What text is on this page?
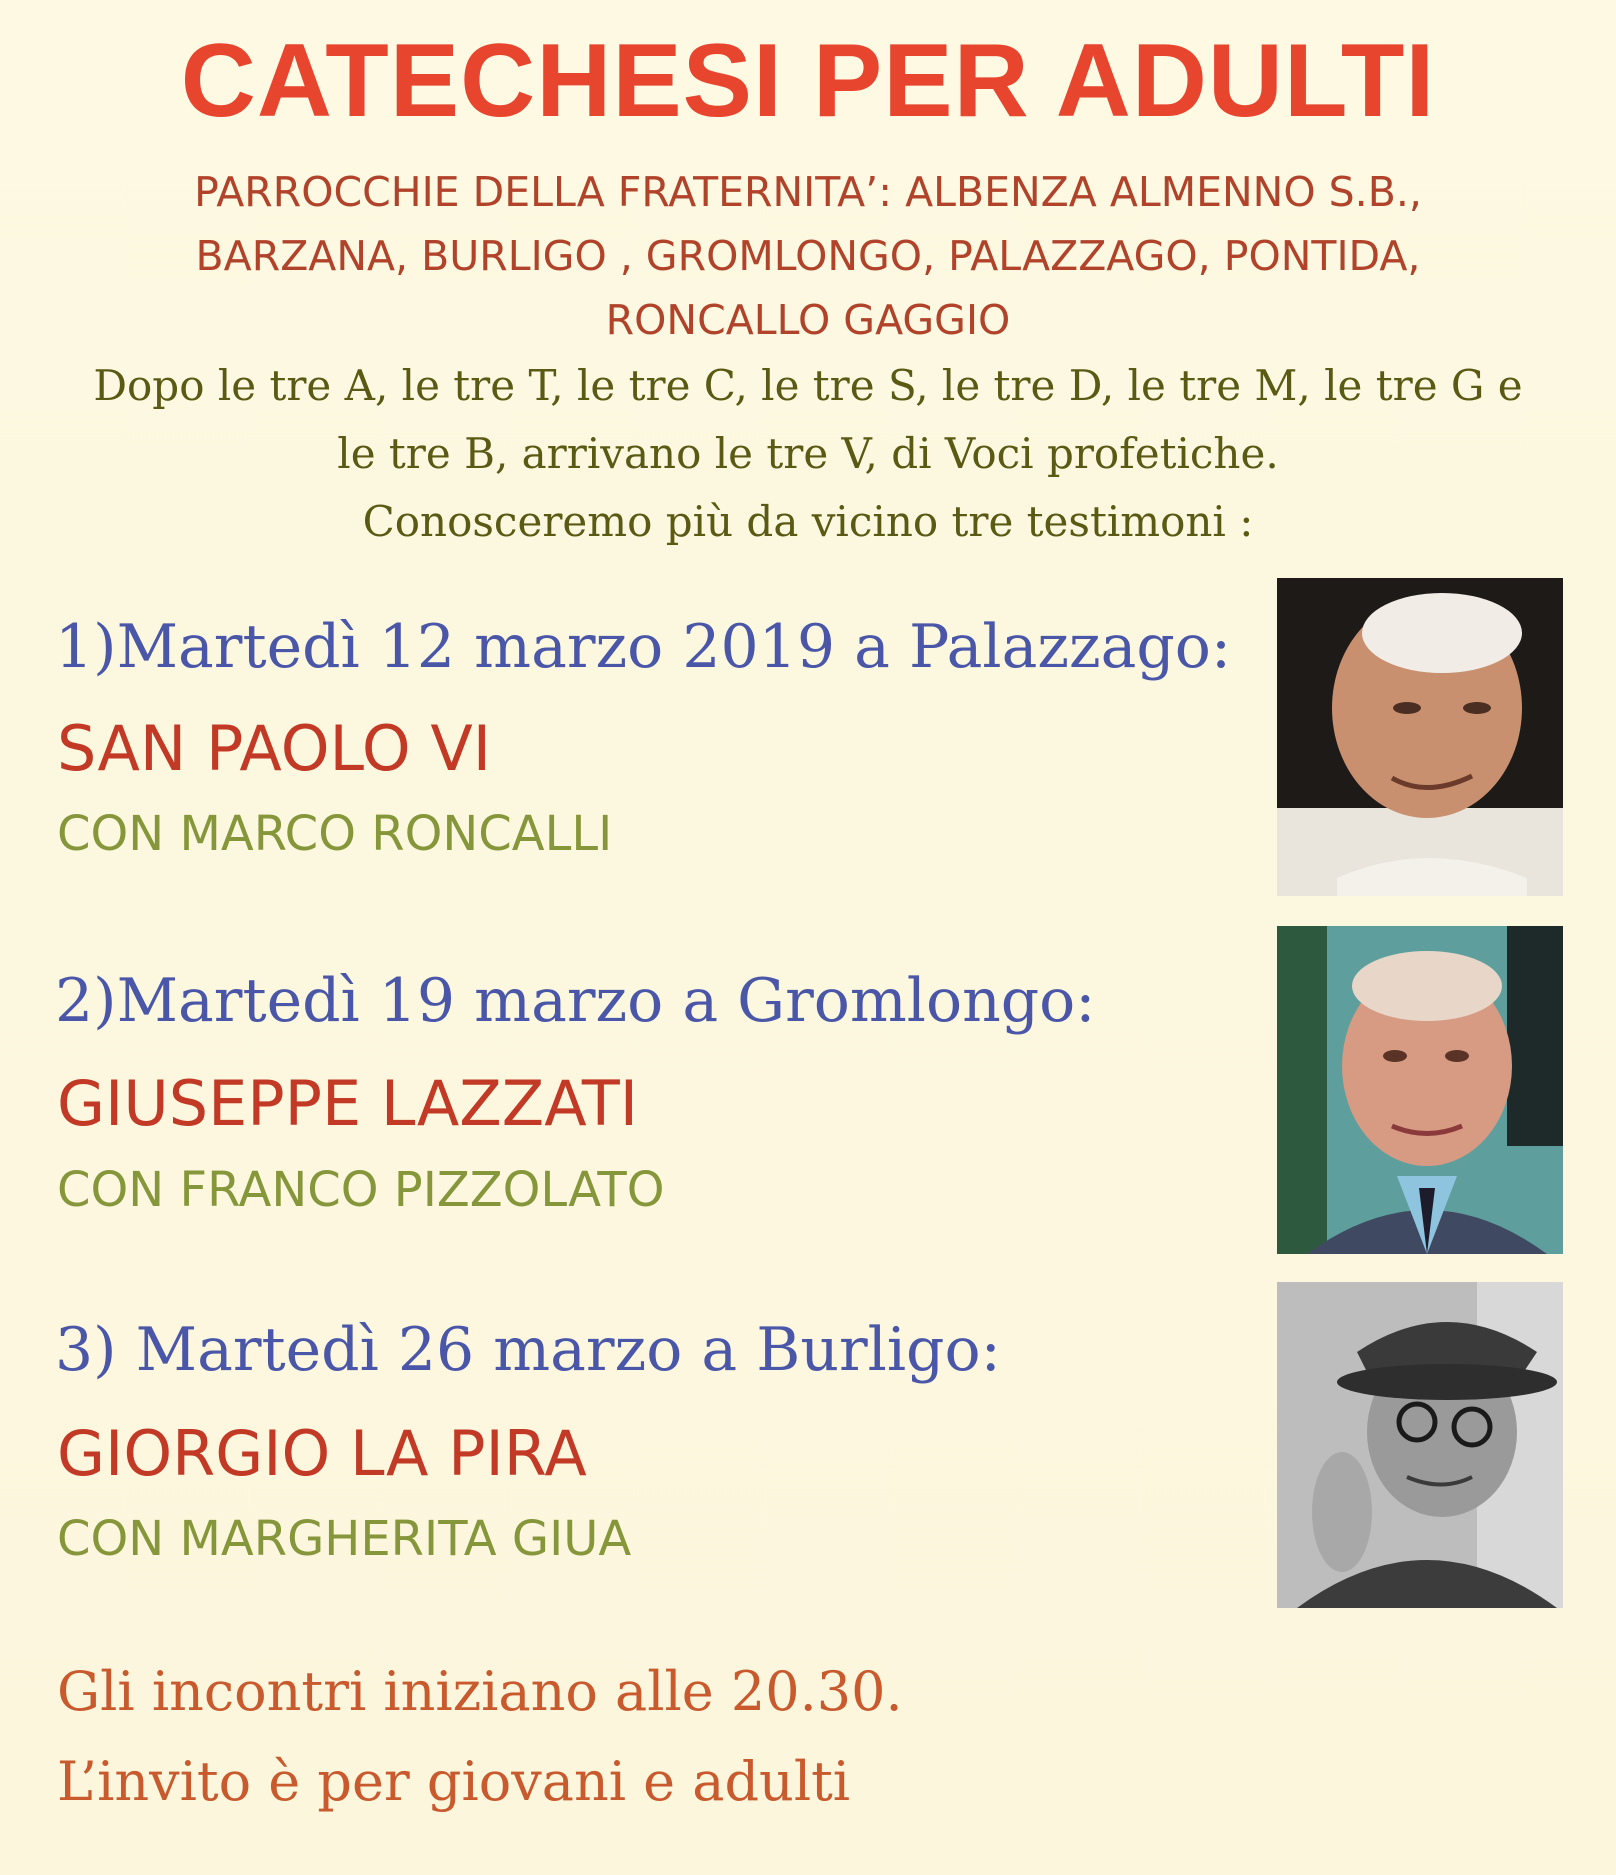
CATECHESI PER ADULTI
PARROCCHIE DELLA FRATERNITA’: ALBENZA ALMENNO S.B.,
BARZANA, BURLIGO , GROMLONGO, PALAZZAGO, PONTIDA,
RONCALLO GAGGIO
Dopo le tre A, le tre T, le tre C, le tre S, le tre D, le tre M, le tre G e
le tre B, arrivano le tre V, di Voci profetiche.
Conosceremo più da vicino tre testimoni :
1)Martedì 12 marzo 2019 a Palazzago:
SAN PAOLO VI
CON MARCO RONCALLI
2)Martedì 19 marzo a Gromlongo:
GIUSEPPE LAZZATI
CON FRANCO PIZZOLATO
3) Martedì 26 marzo a Burligo:
GIORGIO LA PIRA
CON MARGHERITA GIUA
Gli incontri iniziano alle 20.30.
L’invito è per giovani e adulti
